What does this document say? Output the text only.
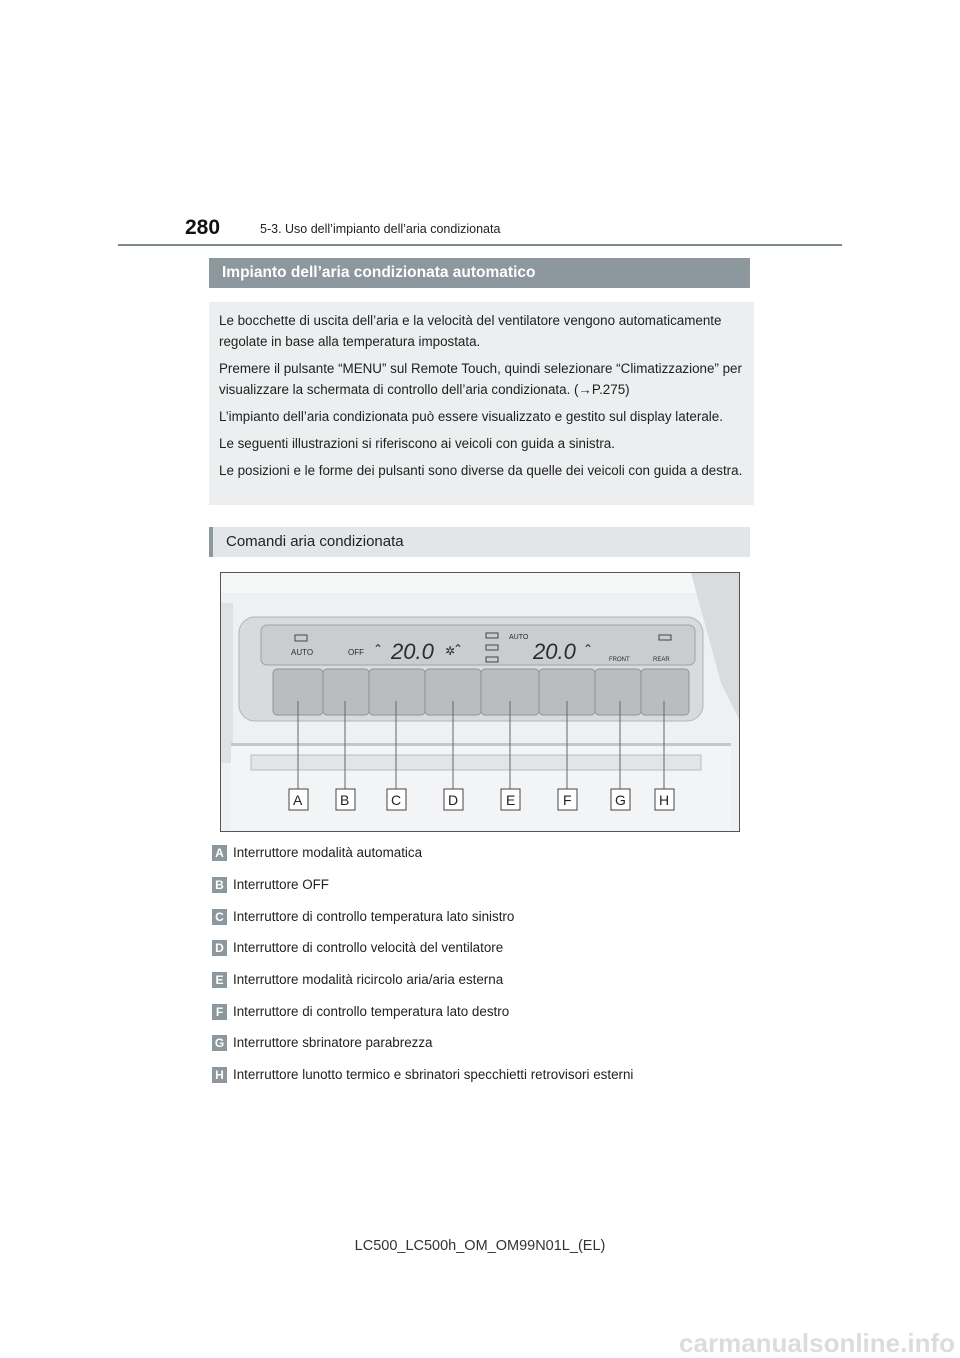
280	5-3. Uso dell’impianto dell’aria condizionata
Impianto dell’aria condizionata automatico

Le bocchette di uscita dell’aria e la velocità del ventilatore vengono automaticamente regolate in base alla temperatura impostata.

Premere il pulsante “MENU” sul Remote Touch, quindi selezionare “Climatizzazione” per visualizzare la schermata di controllo dell’aria condizionata. (→P.275)

L’impianto dell’aria condizionata può essere visualizzato e gestito sul display laterale.

Le seguenti illustrazioni si riferiscono ai veicoli con guida a sinistra.

Le posizioni e le forme dei pulsanti sono diverse da quelle dei veicoli con guida a destra.

Comandi aria condizionata
AUTO	OFF 20.0
AUTO
20.0	FRONT	REAR
⌃	⌃	⌃
✲
A	B	C	D	E	F	G H
A Interruttore modalità automatica
B Interruttore OFF
C Interruttore di controllo temperatura lato sinistro
D Interruttore di controllo velocità del ventilatore
E Interruttore modalità ricircolo aria/aria esterna
F Interruttore di controllo temperatura lato destro
G Interruttore sbrinatore parabrezza
H Interruttore lunotto termico e sbrinatori specchietti retrovisori esterni
LC500_LC500h_OM_OM99N01L_(EL)
carmanualsonline.info
